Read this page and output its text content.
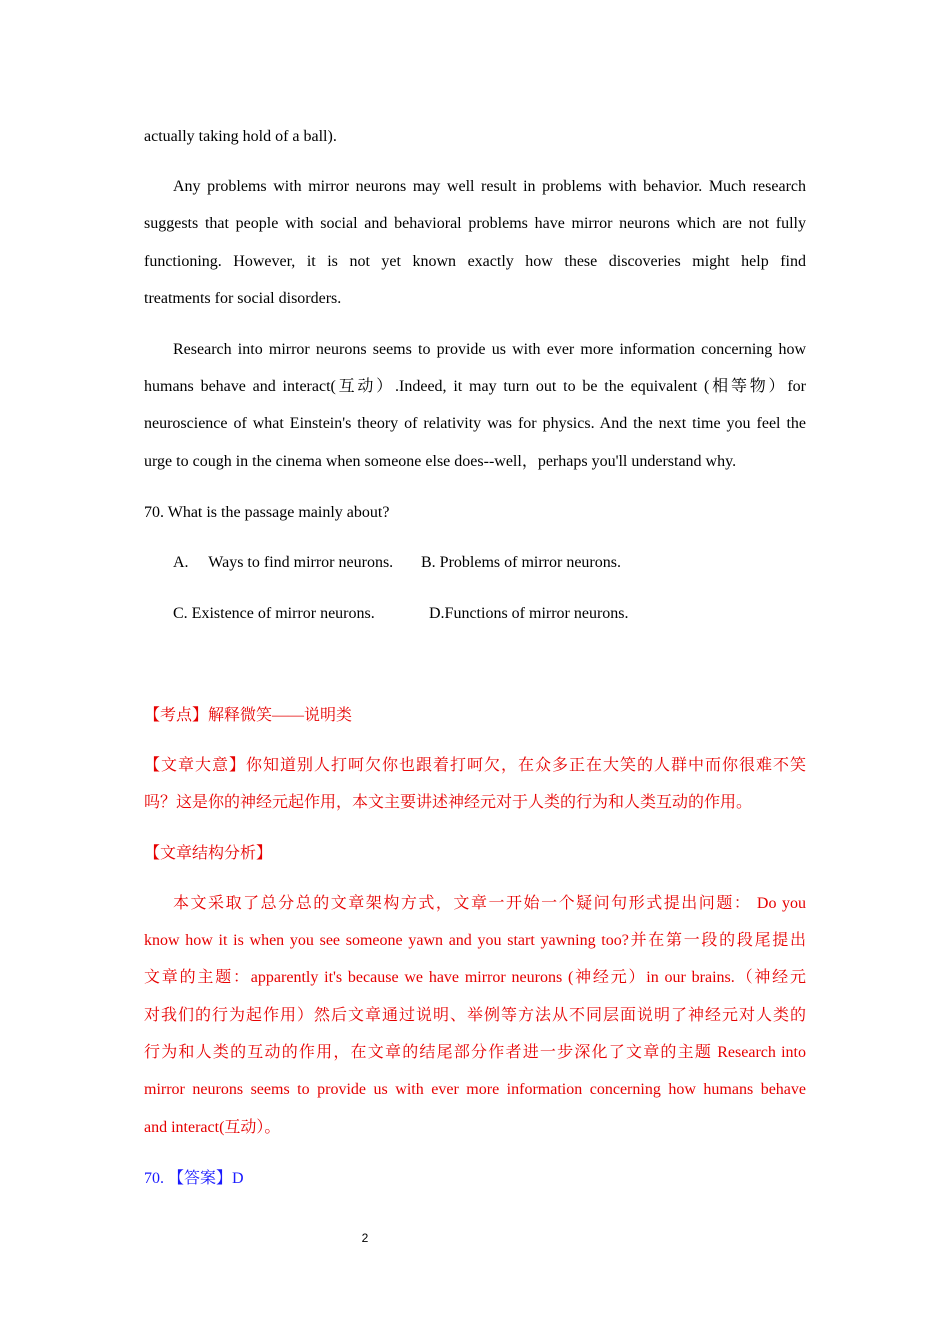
actually taking hold of a ball).
Any problems with mirror neurons may well result in problems with behavior. Much research
suggests that people with social and behavioral problems have mirror neurons which are not fully
functioning. However, it is not yet known exactly how these discoveries might help find
treatments for social disorders.
Research into mirror neurons seems to provide us with ever more information concerning how
humans behave and interact(互动）.Indeed, it may turn out to be the equivalent (相等物）for
neuroscience of what Einstein's theory of relativity was for physics. And the next time you feel the
urge to cough in the cinema when someone else does--well，perhaps you'll understand why.
70. What is the passage mainly about?
A.     Ways to find mirror neurons.	B. Problems of mirror neurons.
C. Existence of mirror neurons.	D.Functions of mirror neurons.
【考点】解释微笑——说明类
【文章大意】你知道别人打呵欠你也跟着打呵欠，在众多正在大笑的人群中而你很难不笑
吗？这是你的神经元起作用，本文主要讲述神经元对于人类的行为和人类互动的作用。
【文章结构分析】
本文采取了总分总的文章架构方式，文章一开始一个疑问句形式提出问题： Do you
know how it is when you see someone yawn and you start yawning too?并在第一段的段尾提出
文章的主题：apparently it's because we have mirror neurons (神经元）in our brains.（神经元
对我们的行为起作用）然后文章通过说明、举例等方法从不同层面说明了神经元对人类的
行为和人类的互动的作用，在文章的结尾部分作者进一步深化了文章的主题 Research into
mirror neurons seems to provide us with ever more information concerning how humans behave
and interact(互动）。
70. 【答案】D
2
